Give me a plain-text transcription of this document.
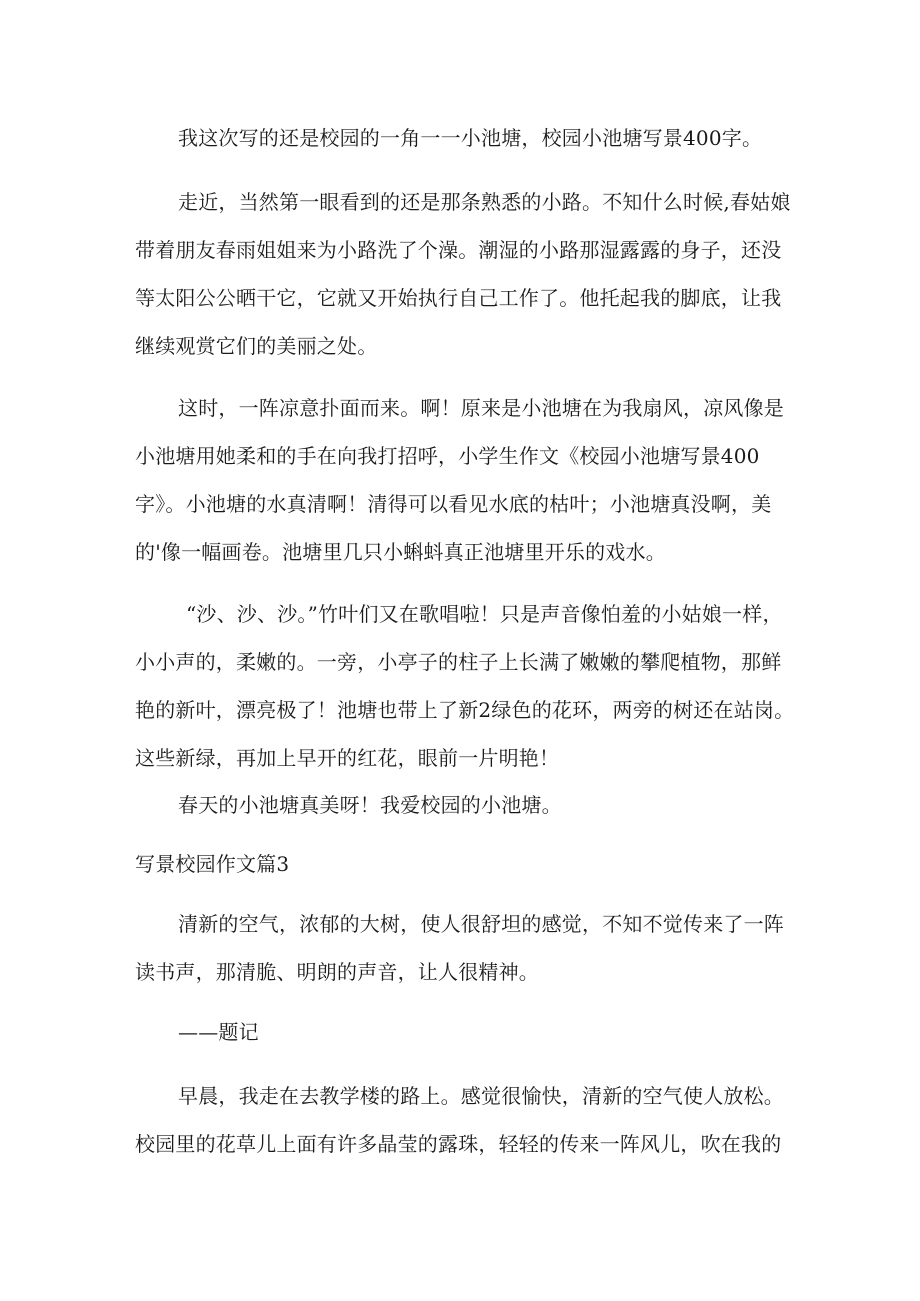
我这次写的还是校园的一角一一小池塘，校园小池塘写景400字。
走近，当然第一眼看到的还是那条熟悉的小路。不知什么时候,春姑娘
带着朋友春雨姐姐来为小路洗了个澡。潮湿的小路那湿露露的身子，还没
等太阳公公晒干它，它就又开始执行自己工作了。他托起我的脚底，让我
继续观赏它们的美丽之处。
这时，一阵凉意扑面而来。啊！原来是小池塘在为我扇风，凉风像是
小池塘用她柔和的手在向我打招呼，小学生作文《校园小池塘写景400
字》。小池塘的水真清啊！清得可以看见水底的枯叶；小池塘真没啊，美
的'像一幅画卷。池塘里几只小蝌蚪真正池塘里开乐的戏水。
“沙、沙、沙。”竹叶们又在歌唱啦！只是声音像怕羞的小姑娘一样，
小小声的，柔嫩的。一旁，小亭子的柱子上长满了嫩嫩的攀爬植物，那鲜
艳的新叶，漂亮极了！池塘也带上了新2绿色的花环，两旁的树还在站岗。
这些新绿，再加上早开的红花，眼前一片明艳！
春天的小池塘真美呀！我爱校园的小池塘。
写景校园作文篇3
清新的空气，浓郁的大树，使人很舒坦的感觉，不知不觉传来了一阵
读书声，那清脆、明朗的声音，让人很精神。
——题记
早晨，我走在去教学楼的路上。感觉很愉快，清新的空气使人放松。
校园里的花草儿上面有许多晶莹的露珠，轻轻的传来一阵风儿，吹在我的
